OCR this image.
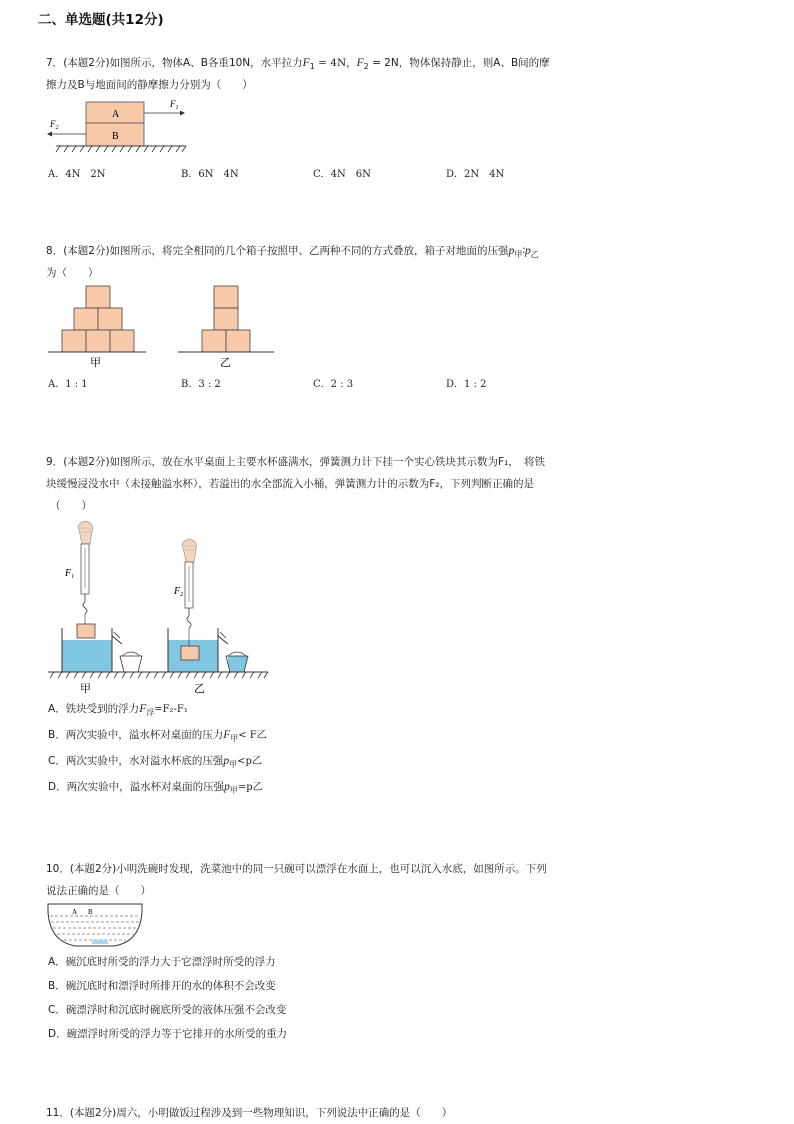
二、单选题(共12分)
7．(本题2分)如图所示，物体A、B各重10N，水平拉力$F_1 = 4N$，$F_2 = 2N$，物体保持静止，则A、B间的摩
擦力及B与地面间的静摩擦力分别为（　　）
A
B
$F_1$
$F_2$
A．4N　2N	B．6N　4N	C．4N　6N	D．2N　4N
8．(本题2分)如图所示，将完全相同的几个箱子按照甲、乙两种不同的方式叠放，箱子对地面的压强$p_甲∶p_乙$
为（　　）
甲	乙
A．1 : 1	B．3 : 2	C．2 : 3	D．1 : 2
9．(本题2分)如图所示，放在水平桌面上主要水杯盛满水，弹簧测力计下挂一个实心铁块其示数为F₁，　将铁
块缓慢浸没水中（未接触溢水杯），若溢出的水全部流入小桶，弹簧测力计的示数为F₂，下列判断正确的是
（　　）
$F_1$
$F_2$
甲	乙
A．铁块受到的浮力$F_浮=F_2-F_1$
B．两次实验中，溢水杯对桌面的压力$F_甲< F$乙
C．两次实验中，水对溢水杯底的压强$p_甲<p$乙
D．两次实验中，溢水杯对桌面的压强$p_甲=p$乙
10．(本题2分)小明洗碗时发现，洗菜池中的同一只碗可以漂浮在水面上，也可以沉入水底，如图所示。下列
说法正确的是（　　）
A B
A．碗沉底时所受的浮力大于它漂浮时所受的浮力
B．碗沉底时和漂浮时所排开的水的体积不会改变
C．碗漂浮时和沉底时碗底所受的液体压强不会改变
D．碗漂浮时所受的浮力等于它排开的水所受的重力
11．(本题2分)周六，小明做饭过程涉及到一些物理知识，下列说法中正确的是（　　）
